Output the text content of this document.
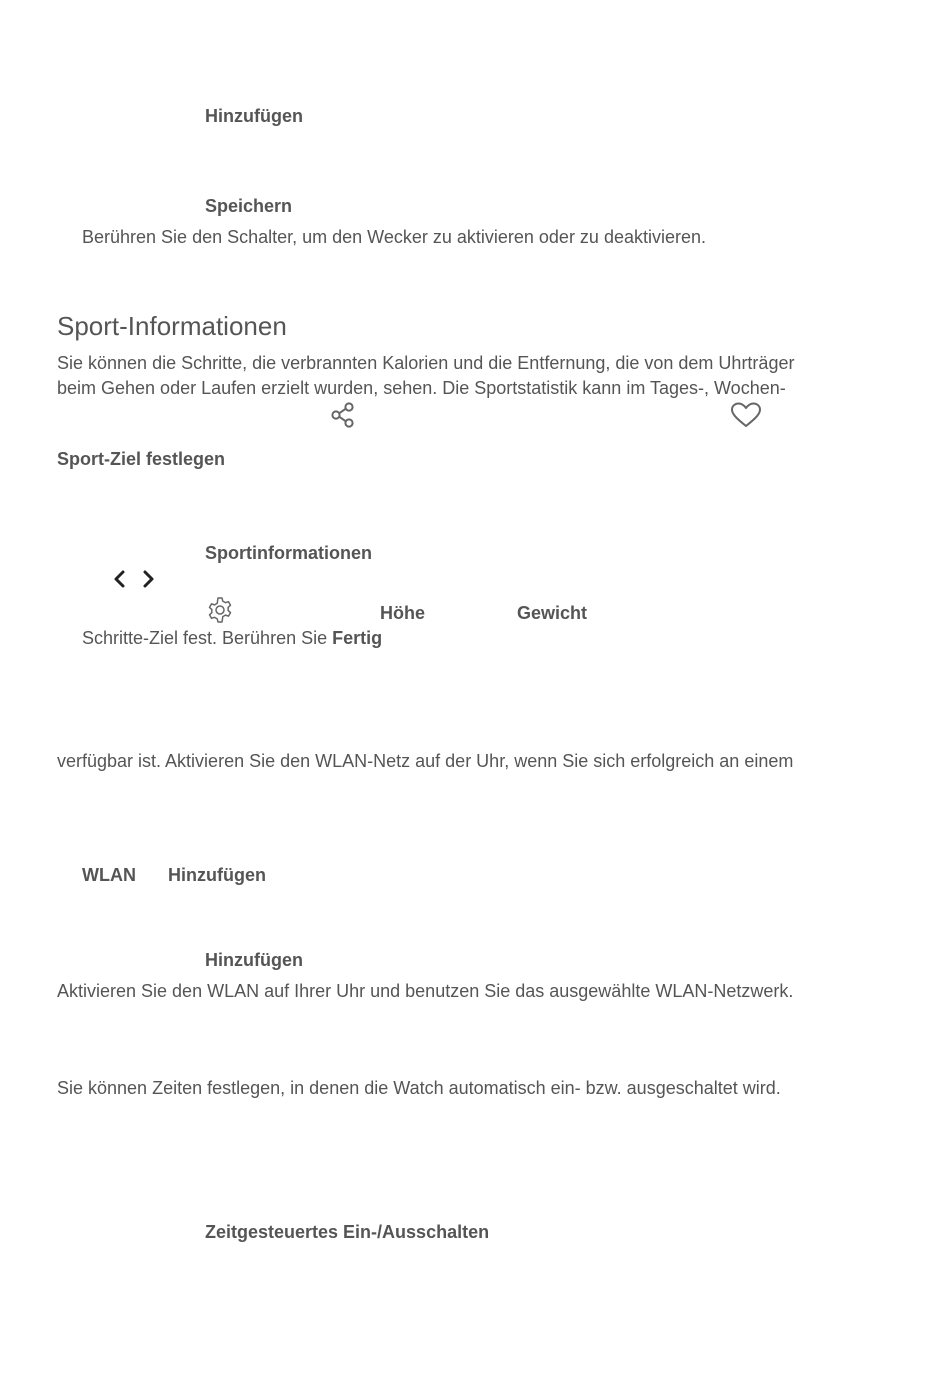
Hinzufügen
Speichern
Berühren Sie den Schalter, um den Wecker zu aktivieren oder zu deaktivieren.
Sport-Informationen
Sie können die Schritte, die verbrannten Kalorien und die Entfernung, die von dem Uhrträger
beim Gehen oder Laufen erzielt wurden, sehen. Die Sportstatistik kann im Tages-, Wochen-
Sport-Ziel festlegen
Sportinformationen
Höhe	Gewicht
Schritte-Ziel fest. Berühren Sie Fertig
verfügbar ist. Aktivieren Sie den WLAN-Netz auf der Uhr, wenn Sie sich erfolgreich an einem
WLAN Hinzufügen
Hinzufügen
Aktivieren Sie den WLAN auf Ihrer Uhr und benutzen Sie das ausgewählte WLAN-Netzwerk.
Sie können Zeiten festlegen, in denen die Watch automatisch ein- bzw. ausgeschaltet wird.
Zeitgesteuertes Ein-/Ausschalten
